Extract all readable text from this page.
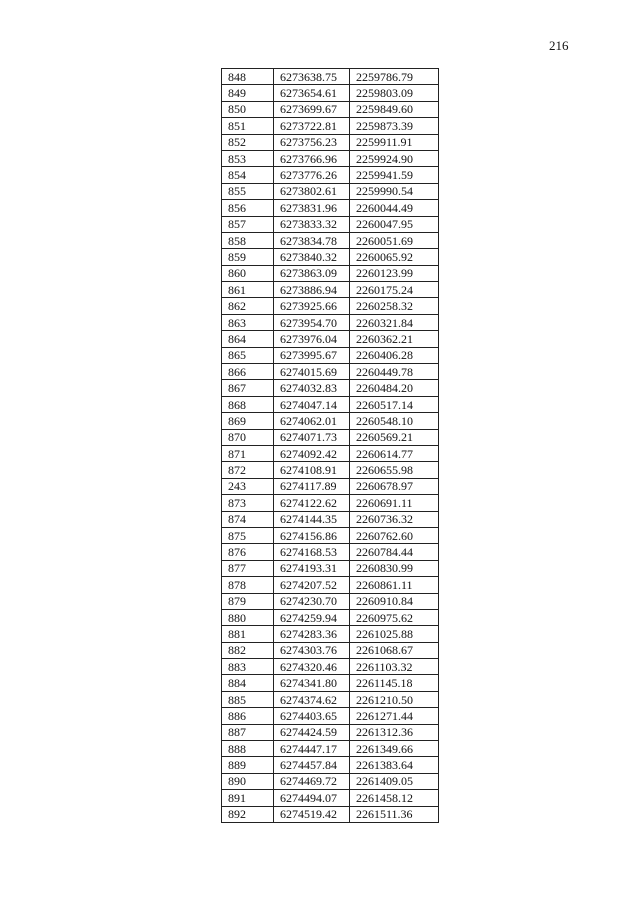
216
848	6273638.75	2259786.79
849	6273654.61	2259803.09
850	6273699.67	2259849.60
851	6273722.81	2259873.39
852	6273756.23	2259911.91
853	6273766.96	2259924.90
854	6273776.26	2259941.59
855	6273802.61	2259990.54
856	6273831.96	2260044.49
857	6273833.32	2260047.95
858	6273834.78	2260051.69
859	6273840.32	2260065.92
860	6273863.09	2260123.99
861	6273886.94	2260175.24
862	6273925.66	2260258.32
863	6273954.70	2260321.84
864	6273976.04	2260362.21
865	6273995.67	2260406.28
866	6274015.69	2260449.78
867	6274032.83	2260484.20
868	6274047.14	2260517.14
869	6274062.01	2260548.10
870	6274071.73	2260569.21
871	6274092.42	2260614.77
872	6274108.91	2260655.98
243	6274117.89	2260678.97
873	6274122.62	2260691.11
874	6274144.35	2260736.32
875	6274156.86	2260762.60
876	6274168.53	2260784.44
877	6274193.31	2260830.99
878	6274207.52	2260861.11
879	6274230.70	2260910.84
880	6274259.94	2260975.62
881	6274283.36	2261025.88
882	6274303.76	2261068.67
883	6274320.46	2261103.32
884	6274341.80	2261145.18
885	6274374.62	2261210.50
886	6274403.65	2261271.44
887	6274424.59	2261312.36
888	6274447.17	2261349.66
889	6274457.84	2261383.64
890	6274469.72	2261409.05
891	6274494.07	2261458.12
892	6274519.42	2261511.36
